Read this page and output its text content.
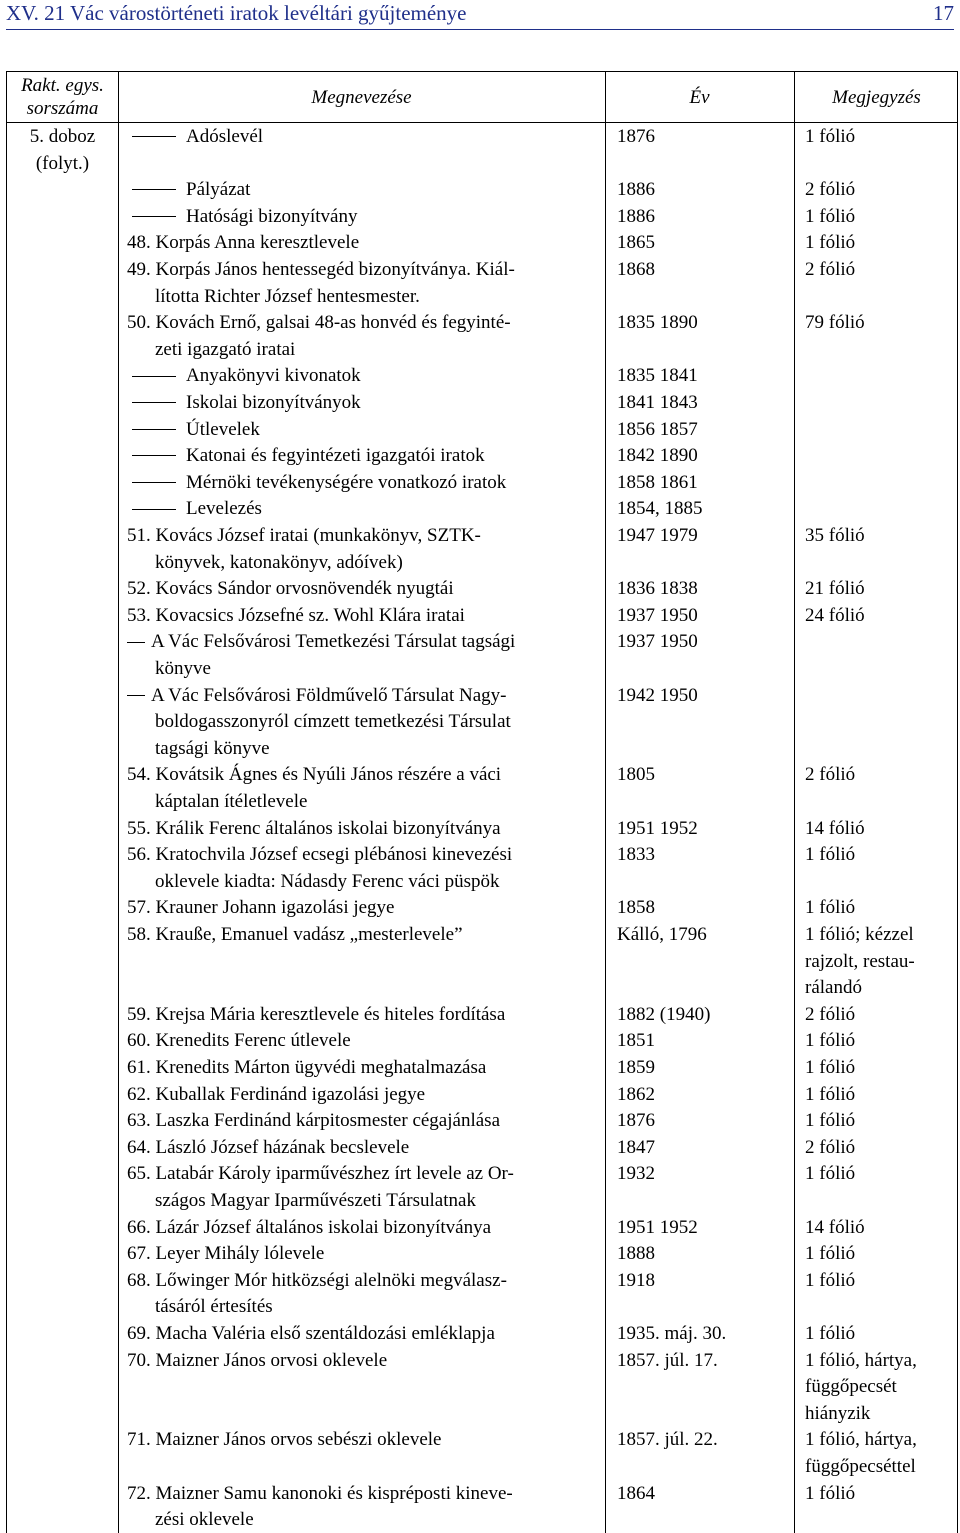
XV. 21 Vác várostörténeti iratok levéltári gyűjteménye	17
Rakt. egys.
sorszáma
Megnevezése	Év	Megjegyzés
5. doboz
(folyt.)
Adóslevél	1876	1 fólió

Pályázat	1886	2 fólió
Hatósági bizonyítvány	1886	1 fólió
48. Korpás Anna keresztlevele	1865	1 fólió
49. Korpás János hentessegéd bizonyítványa. Kiál-
lította Richter József hentesmester.
1868	2 fólió
50. Kovách Ernő, galsai 48-as honvéd és fegyinté-
zeti igazgató iratai
1835 1890	79 fólió
Anyakönyvi kivonatok	1835 1841

Iskolai bizonyítványok	1841 1843

Útlevelek	1856 1857

Katonai és fegyintézeti igazgatói iratok	1842 1890

Mérnöki tevékenységére vonatkozó iratok	1858 1861

Levelezés	1854, 1885

51. Kovács József iratai (munkakönyv, SZTK-
könyvek, katonakönyv, adóívek)
1947 1979	35 fólió
52. Kovács Sándor orvosnövendék nyugtái	1836 1838	21 fólió
53. Kovacsics Józsefné sz. Wohl Klára iratai	1937 1950	24 fólió
A Vác Felsővárosi Temetkezési Társulat tagsági
könyve
1937 1950

A Vác Felsővárosi Földművelő Társulat Nagy-
boldogasszonyról címzett temetkezési Társulat
tagsági könyve
1942 1950

54. Kovátsik Ágnes és Nyúli János részére a váci
káptalan ítéletlevele
1805	2 fólió
55. Králik Ferenc általános iskolai bizonyítványa	1951 1952	14 fólió
56. Kratochvila József ecsegi plébánosi kinevezési
oklevele kiadta: Nádasdy Ferenc váci püspök
1833	1 fólió
57. Krauner Johann igazolási jegye	1858	1 fólió
58. Krauße, Emanuel vadász „mesterlevele”	Kálló, 1796	1 fólió; kézzel
rajzolt, restau-
rálandó
59. Krejsa Mária keresztlevele és hiteles fordítása	1882 (1940)	2 fólió
60. Krenedits Ferenc útlevele	1851	1 fólió
61. Krenedits Márton ügyvédi meghatalmazása	1859	1 fólió
62. Kuballak Ferdinánd igazolási jegye	1862	1 fólió
63. Laszka Ferdinánd kárpitosmester cégajánlása	1876	1 fólió
64. László József házának becslevele	1847	2 fólió
65. Latabár Károly iparművészhez írt levele az Or-
szágos Magyar Iparművészeti Társulatnak
1932	1 fólió
66. Lázár József általános iskolai bizonyítványa	1951 1952	14 fólió
67. Leyer Mihály lólevele	1888	1 fólió
68. Lőwinger Mór hitközségi alelnöki megválasz-
tásáról értesítés
1918	1 fólió
69. Macha Valéria első szentáldozási emléklapja	1935. máj. 30.	1 fólió
70. Maizner János orvosi oklevele

	1857. júl. 17.	1 fólió, hártya,
függőpecsét
hiányzik
71. Maizner János orvos sebészi oklevele
	1857. júl. 22.	1 fólió, hártya,
függőpecséttel
72. Maizner Samu kanonoki és kispréposti kineve-
zési oklevele
1864	1 fólió
